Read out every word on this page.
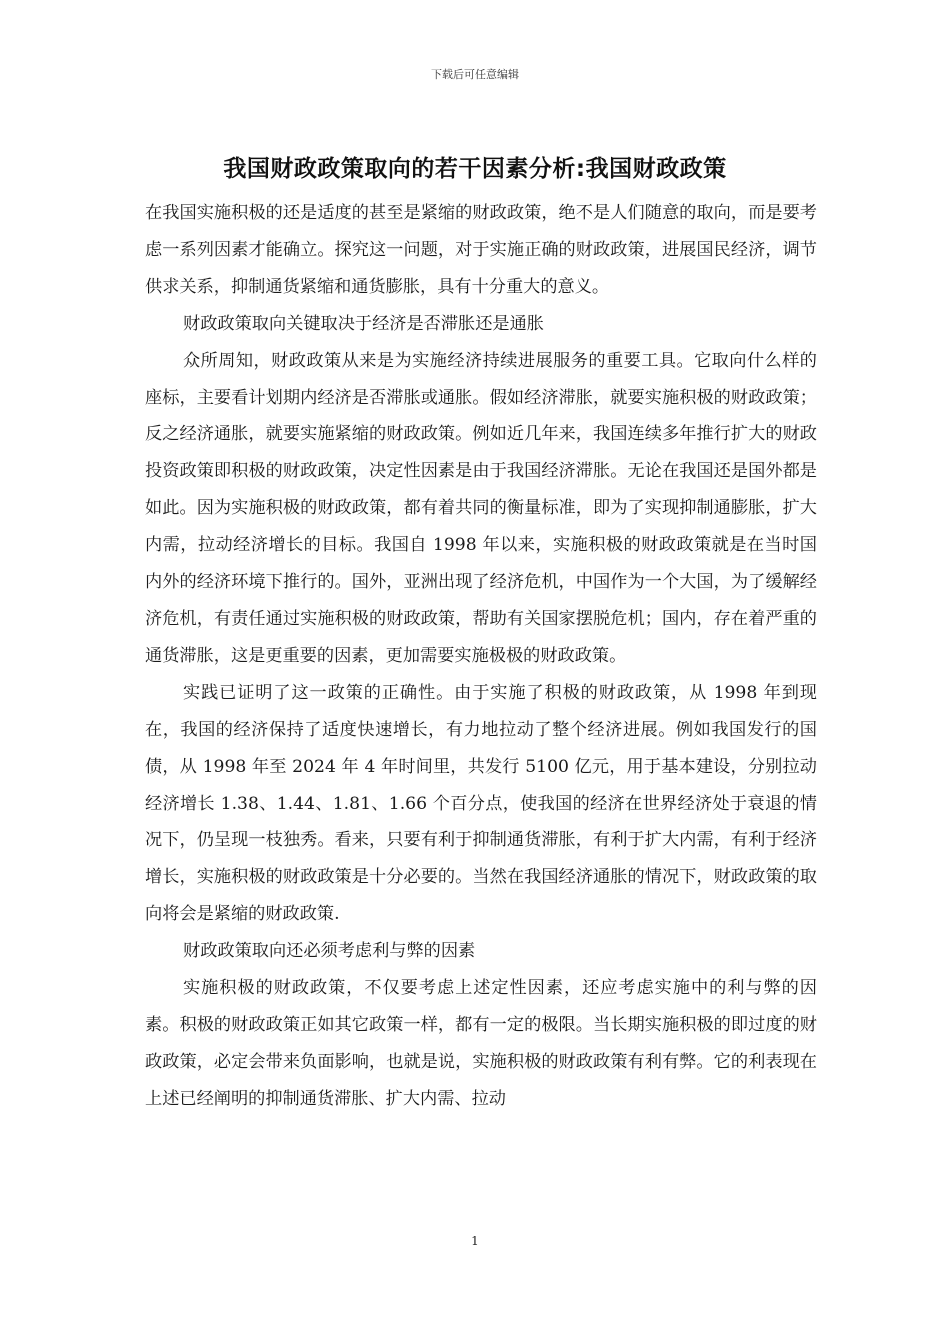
下载后可任意编辑
我国财政政策取向的若干因素分析:我国财政政策

在我国实施积极的还是适度的甚至是紧缩的财政政策，绝不是人们随意的取向，而是要考虑一系列因素才能确立。探究这一问题，对于实施正确的财政政策，进展国民经济，调节供求关系，抑制通货紧缩和通货膨胀，具有十分重大的意义。

财政政策取向关键取决于经济是否滞胀还是通胀

众所周知，财政政策从来是为实施经济持续进展服务的重要工具。它取向什么样的座标，主要看计划期内经济是否滞胀或通胀。假如经济滞胀，就要实施积极的财政政策；反之经济通胀，就要实施紧缩的财政政策。例如近几年来，我国连续多年推行扩大的财政投资政策即积极的财政政策，决定性因素是由于我国经济滞胀。无论在我国还是国外都是如此。因为实施积极的财政政策，都有着共同的衡量标准，即为了实现抑制通膨胀，扩大内需，拉动经济增长的目标。我国自 1998 年以来，实施积极的财政政策就是在当时国内外的经济环境下推行的。国外，亚洲出现了经济危机，中国作为一个大国，为了缓解经济危机，有责任通过实施积极的财政政策，帮助有关国家摆脱危机；国内，存在着严重的通货滞胀，这是更重要的因素，更加需要实施极极的财政政策。

实践已证明了这一政策的正确性。由于实施了积极的财政政策，从 1998 年到现在，我国的经济保持了适度快速增长，有力地拉动了整个经济进展。例如我国发行的国债，从 1998 年至 2024 年 4 年时间里，共发行 5100 亿元，用于基本建设，分别拉动经济增长 1.38、1.44、1.81、1.66 个百分点，使我国的经济在世界经济处于衰退的情况下，仍呈现一枝独秀。看来，只要有利于抑制通货滞胀，有利于扩大内需，有利于经济增长，实施积极的财政政策是十分必要的。当然在我国经济通胀的情况下，财政政策的取向将会是紧缩的财政政策.

财政政策取向还必须考虑利与弊的因素

实施积极的财政政策，不仅要考虑上述定性因素，还应考虑实施中的利与弊的因素。积极的财政政策正如其它政策一样，都有一定的极限。当长期实施积极的即过度的财政政策，必定会带来负面影响，也就是说，实施积极的财政政策有利有弊。它的利表现在上述已经阐明的抑制通货滞胀、扩大内需、拉动

1
